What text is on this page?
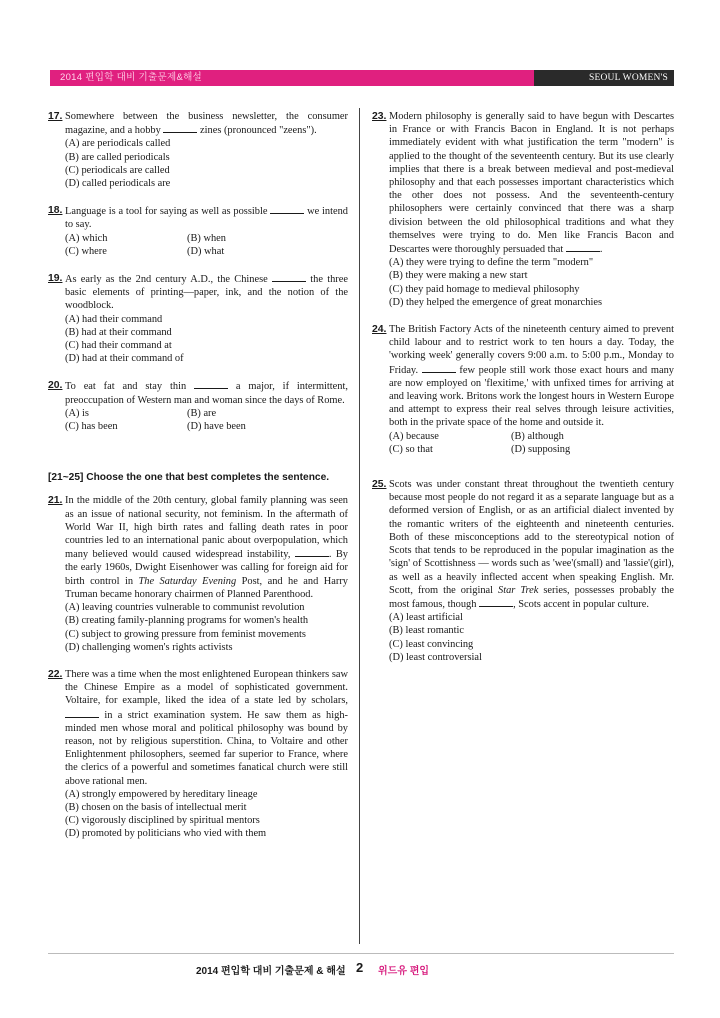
2014 편입학 대비 기출문제&해설	SEOUL WOMEN'S UNIVERSITY
17. Somewhere between the business newsletter, the consumer magazine, and a hobby	zines (pronounced "zeens").
(A) are periodicals called
(B) are called periodicals
(C) periodicals are called
(D) called periodicals are
18. Language is a tool for saying as well as possible	we intend to say.
(A) which	(B) when
(C) where	(D) what
19. As early as the 2nd century A.D., the Chinese	the three basic elements of printing—paper, ink, and the notion of the woodblock.
(A) had their command
(B) had at their command
(C) had their command at
(D) had at their command of
20. To eat fat and stay thin	a major, if intermittent, preoccupation of Western man and woman since the days of Rome.
(A) is	(B) are
(C) has been	(D) have been
[21~25] Choose the one that best completes the sentence.
21. In the middle of the 20th century, global family planning was seen as an issue of national security, not feminism. In the aftermath of World War II, high birth rates and falling death rates in poor countries led to an international panic about overpopulation, which many believed would caused widespread instability,	. By the early 1960s, Dwight Eisenhower was calling for foreign aid for birth control in The Saturday Evening Post, and he and Harry Truman became honorary chairmen of Planned Parenthood.
(A) leaving countries vulnerable to communist revolution
(B) creating family-planning programs for women's health
(C) subject to growing pressure from feminist movements
(D) challenging women's rights activists
22. There was a time when the most enlightened European thinkers saw the Chinese Empire as a model of sophisticated government. Voltaire, for example, liked the idea of a state led by scholars,  in a strict examination system. He saw them as high-minded men whose moral and political philosophy was bound by reason, not by religious superstition. China, to Voltaire and other Enlightenment philosophers, seemed far superior to France, where the clerics of a powerful and sometimes fanatical church were still above rational men.
(A) strongly empowered by hereditary lineage
(B) chosen on the basis of intellectual merit
(C) vigorously disciplined by spiritual mentors
(D) promoted by politicians who vied with them
23. Modern philosophy is generally said to have begun with Descartes in France or with Francis Bacon in England. It is not perhaps immediately evident with what justification the term "modern" is applied to the thought of the seventeenth century. But its use clearly implies that there is a break between medieval and post-medieval philosophy and that each possesses important characteristics which the other does not possess. And the seventeenth-century philosophers were certainly convinced that there was a sharp division between the old philosophical traditions and what they themselves were trying to do. Men like Francis Bacon and Descartes were thoroughly persuaded that	.
(A) they were trying to define the term "modern"
(B) they were making a new start
(C) they paid homage to medieval philosophy
(D) they helped the emergence of great monarchies
24. The British Factory Acts of the nineteenth century aimed to prevent child labour and to restrict work to ten hours a day. Today, the 'working week' generally covers 9:00 a.m. to 5:00 p.m., Monday to Friday.	few people still work those exact hours and many are now employed on 'flexitime,' with unfixed times for arriving at and leaving work. Britons work the longest hours in Western Europe and attempt to express their real selves through leisure activities, both in the private space of the home and outside it.
(A) because	(B) although
(C) so that	(D) supposing
25. Scots was under constant threat throughout the twentieth century because most people do not regard it as a separate language but as a deformed version of English, or as an artificial dialect invented by the romantic writers of the eighteenth and nineteenth centuries. Both of these misconceptions add to the stereotypical notion of Scots that tends to be reproduced in the popular imagination as the 'sign' of Scottishness — words such as 'wee'(small) and 'lassie'(girl), as well as a heavily inflected accent when speaking English. Mr. Scott, from the original Star Trek series, possesses probably the most famous, though	, Scots accent in popular culture.
(A) least artificial
(B) least romantic
(C) least convincing
(D) least controversial
2014 편입학 대비 기출문제 & 해설 2 위드유 편입
